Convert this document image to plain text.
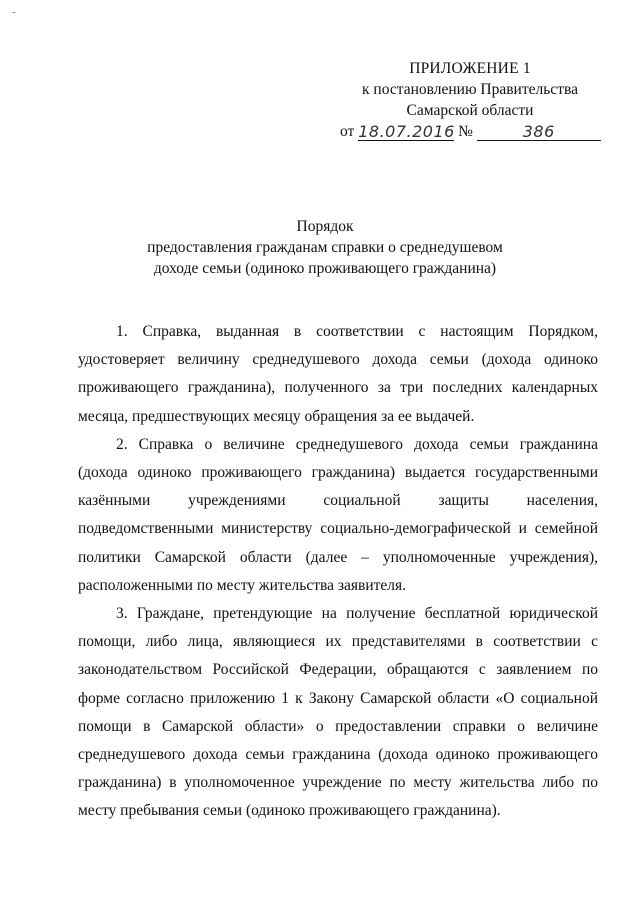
-
ПРИЛОЖЕНИЕ 1
к постановлению Правительства
Самарской области
от 18.07.2016 №	386
Порядок
предоставления гражданам справки о среднедушевом
доходе семьи (одиноко проживающего гражданина)

1. Справка, выданная в соответствии с настоящим Порядком, удостоверяет величину среднедушевого дохода семьи (дохода одиноко проживающего гражданина), полученного за три последних календарных месяца, предшествующих месяцу обращения за ее выдачей.

2. Справка о величине среднедушевого дохода семьи гражданина (дохода одиноко проживающего гражданина) выдается государственными казёнными учреждениями социальной защиты населения, подведомственными министерству социально-демографической и семейной политики Самарской области (далее – уполномоченные учреждения), расположенными по месту жительства заявителя.

3. Граждане, претендующие на получение бесплатной юридической помощи, либо лица, являющиеся их представителями в соответствии с законодательством Российской Федерации, обращаются с заявлением по форме согласно приложению 1 к Закону Самарской области «О социальной помощи в Самарской области» о предоставлении справки о величине среднедушевого дохода семьи гражданина (дохода одиноко проживающего гражданина) в уполномоченное учреждение по месту жительства либо по месту пребывания семьи (одиноко проживающего гражданина).
